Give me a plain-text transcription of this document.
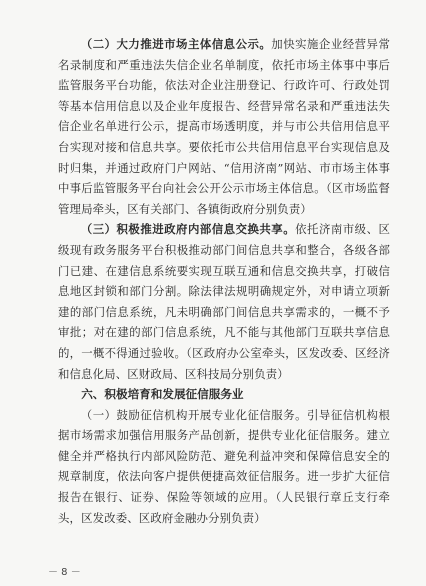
（二）大力推进市场主体信息公示。加快实施企业经营异常名录制度和严重违法失信企业名单制度，依托市场主体事中事后监管服务平台功能，依法对企业注册登记、行政许可、行政处罚等基本信用信息以及企业年度报告、经营异常名录和严重违法失信企业名单进行公示，提高市场透明度，并与市公共信用信息平台实现对接和信息共享。要依托市公共信用信息平台实现信息及时归集，并通过政府门户网站、“信用济南”网站、市市场主体事中事后监管服务平台向社会公开公示市场主体信息。（区市场监督管理局牵头，区有关部门、各镇街政府分别负责）

（三）积极推进政府内部信息交换共享。依托济南市级、区级现有政务服务平台积极推动部门间信息共享和整合，各级各部门已建、在建信息系统要实现互联互通和信息交换共享，打破信息地区封锁和部门分割。除法律法规明确规定外，对申请立项新建的部门信息系统，凡未明确部门间信息共享需求的，一概不予审批；对在建的部门信息系统，凡不能与其他部门互联共享信息的，一概不得通过验收。（区政府办公室牵头，区发改委、区经济和信息化局、区财政局、区科技局分别负责）

六、积极培育和发展征信服务业

（一）鼓励征信机构开展专业化征信服务。引导征信机构根据市场需求加强信用服务产品创新，提供专业化征信服务。建立健全并严格执行内部风险防范、避免利益冲突和保障信息安全的规章制度，依法向客户提供便捷高效征信服务。进一步扩大征信报告在银行、证券、保险等领域的应用。（人民银行章丘支行牵头，区发改委、区政府金融办分别负责）

－ 8 －
